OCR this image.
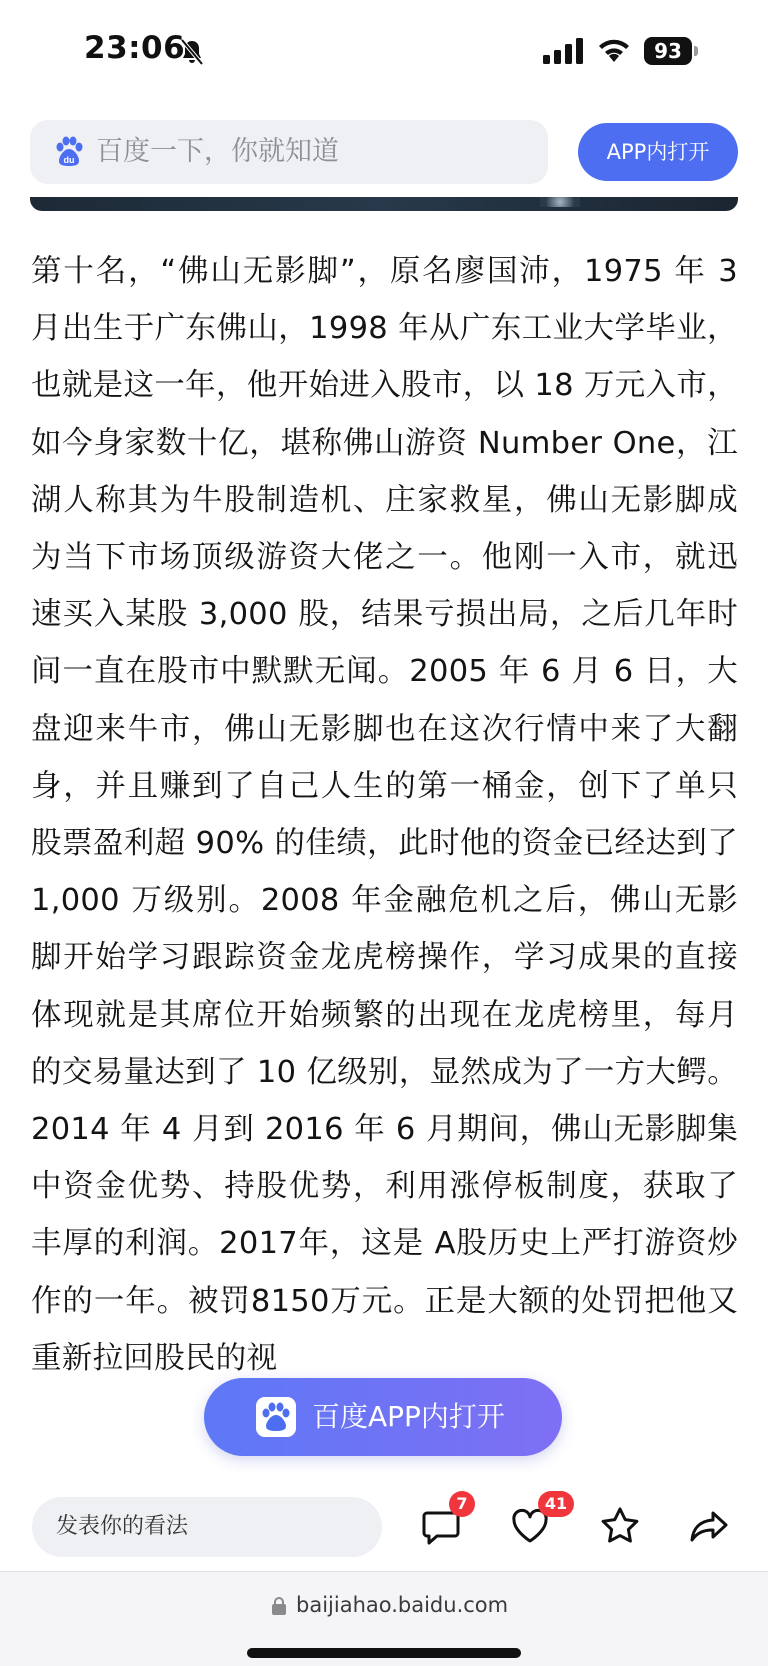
23:06	93
du 百度一下，你就知道	APP内打开

第十名，“佛山无影脚”，原名廖国沛，1975 年 3 月出生于广东佛山，1998 年从广东工业大学毕业，也就是这一年，他开始进入股市，以 18 万元入市，如今身家数十亿，堪称佛山游资 Number One，江湖人称其为牛股制造机、庄家救星，佛山无影脚成为当下市场顶级游资大佬之一。他刚一入市，就迅速买入某股 3,000 股，结果亏损出局，之后几年时间一直在股市中默默无闻。2005 年 6 月 6 日，大盘迎来牛市，佛山无影脚也在这次行情中来了大翻身，并且赚到了自己人生的第一桶金，创下了单只股票盈利超 90% 的佳绩，此时他的资金已经达到了 1,000 万级别。2008 年金融危机之后，佛山无影脚开始学习跟踪资金龙虎榜操作，学习成果的直接体现就是其席位开始频繁的出现在龙虎榜里，每月的交易量达到了 10 亿级别，显然成为了一方大鳄。2014 年 4 月到 2016 年 6 月期间，佛山无影脚集中资金优势、持股优势，利用涨停板制度，获取了丰厚的利润。2017年，这是 A股历史上严打游资炒作的一年。被罚8150万元。正是大额的处罚把他又重新拉回股民的视

百度APP内打开
发表你的看法
7	41
baijiahao.baidu.com
